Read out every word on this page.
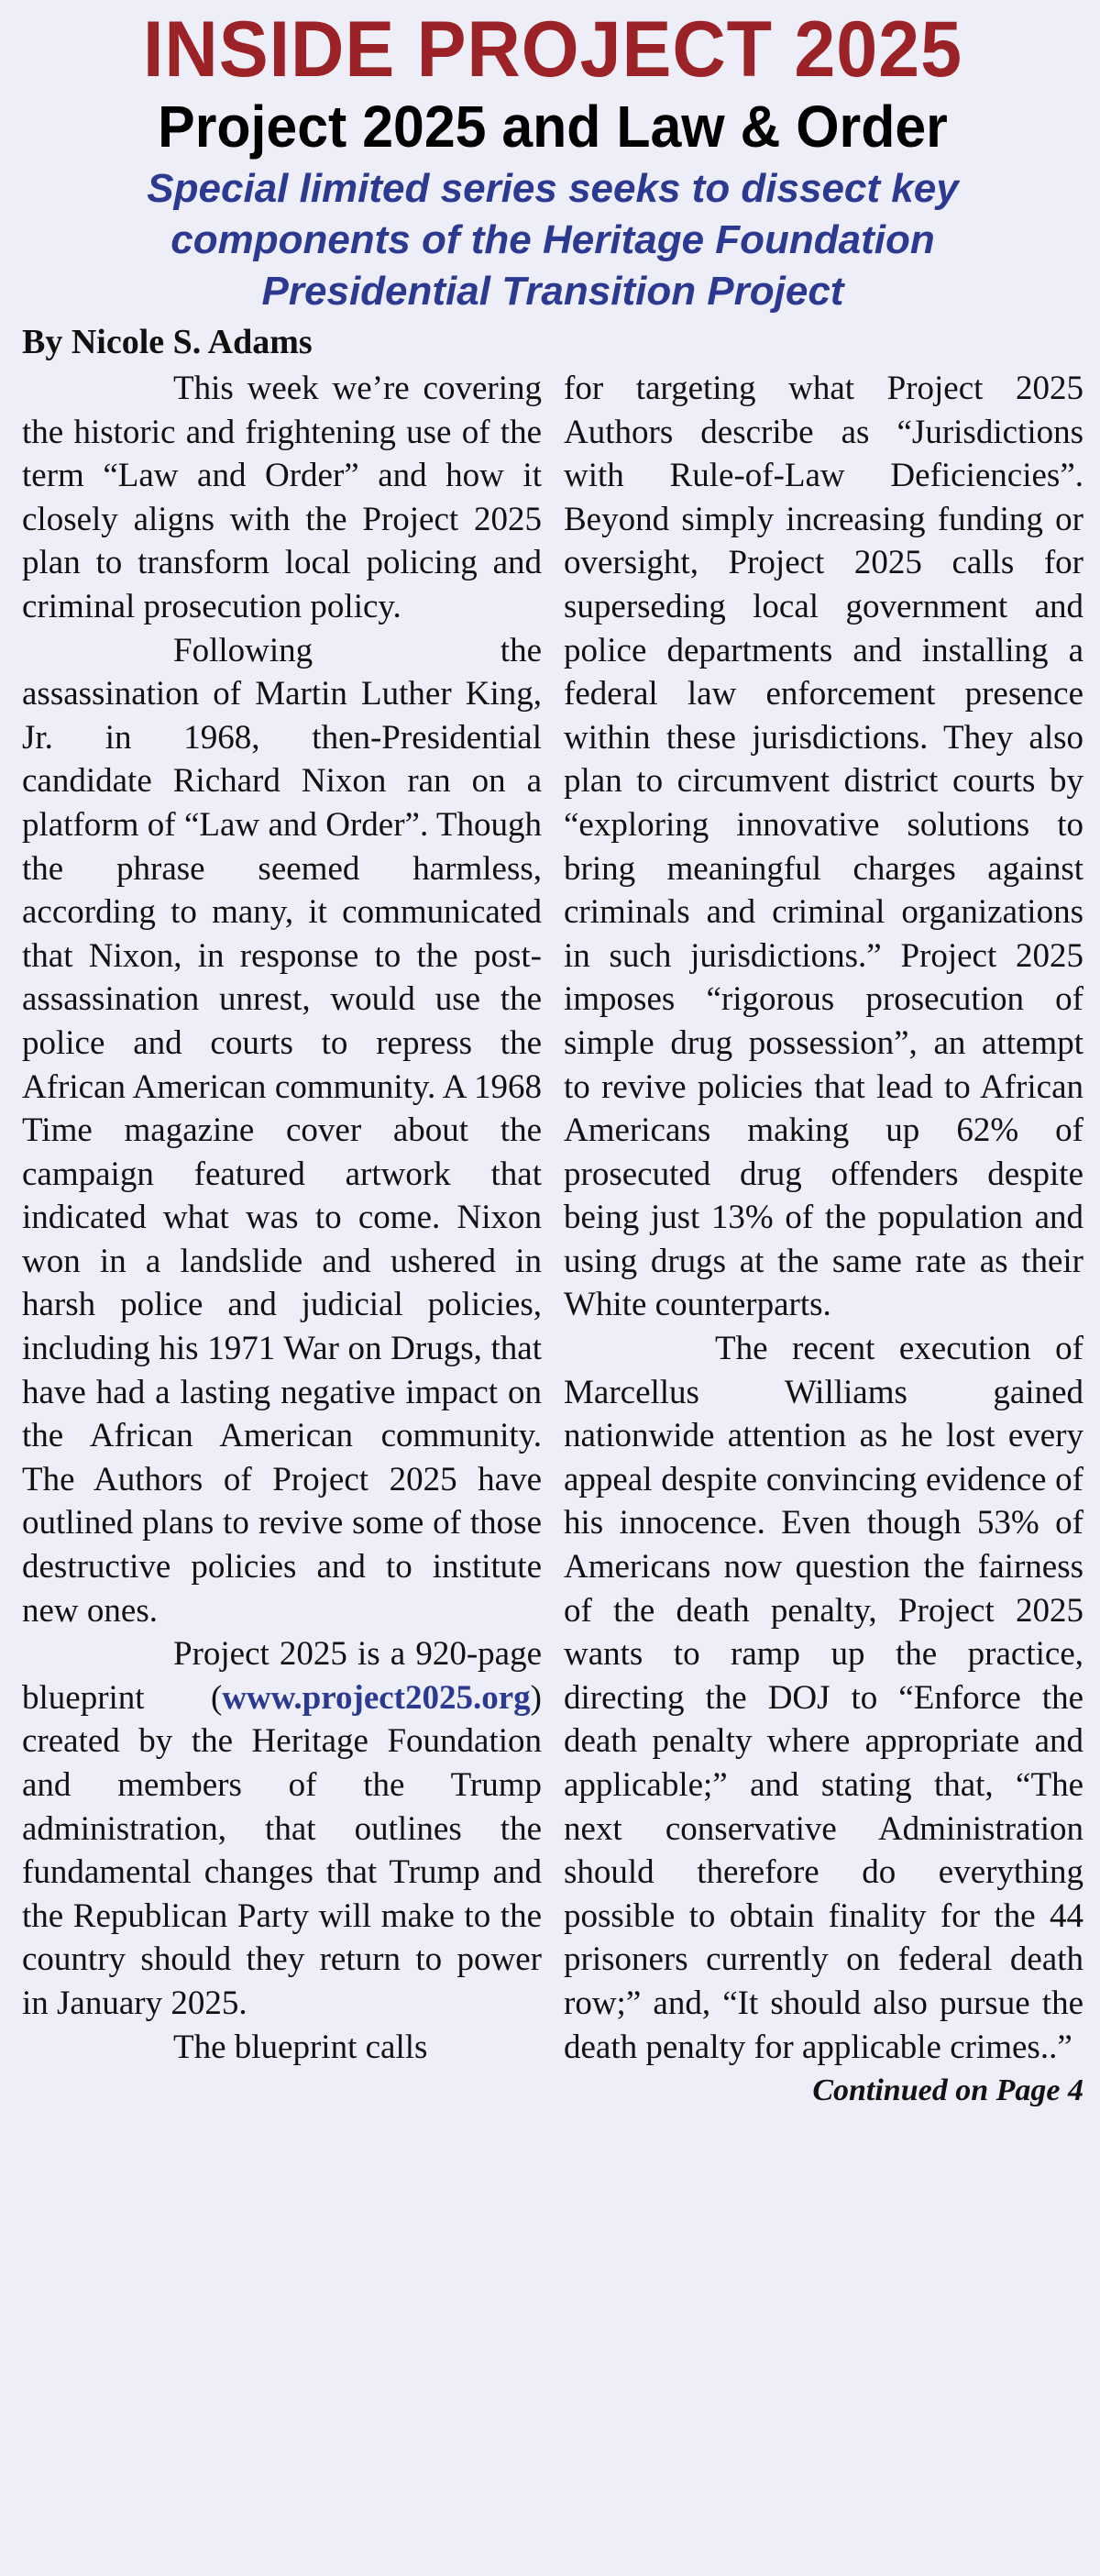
INSIDE PROJECT 2025
Project 2025 and Law & Order
Special limited series seeks to dissect key components of the Heritage Foundation Presidential Transition Project
By Nicole S. Adams

This week we’re covering the historic and frightening use of the term “Law and Order” and how it closely aligns with the Project 2025 plan to transform local policing and criminal prosecution policy.

Following the assassination of Martin Luther King, Jr. in 1968, then-Presidential candidate Richard Nixon ran on a platform of “Law and Order”. Though the phrase seemed harmless, according to many, it communicated that Nixon, in response to the post-assassination unrest, would use the police and courts to repress the African American community. A 1968 Time magazine cover about the campaign featured artwork that indicated what was to come. Nixon won in a landslide and ushered in harsh police and judicial policies, including his 1971 War on Drugs, that have had a lasting negative impact on the African American community. The Authors of Project 2025 have outlined plans to revive some of those destructive policies and to institute new ones.

Project 2025 is a 920-page blueprint (www.project2025.org) created by the Heritage Foundation and members of the Trump administration, that outlines the fundamental changes that Trump and the Republican Party will make to the country should they return to power in January 2025.

The blueprint calls

for targeting what Project 2025 Authors describe as “Jurisdictions with Rule-of-Law Deficiencies”. Beyond simply increasing funding or oversight, Project 2025 calls for superseding local government and police departments and installing a federal law enforcement presence within these jurisdictions. They also plan to circumvent district courts by “exploring innovative solutions to bring meaningful charges against criminals and criminal organizations in such jurisdictions.” Project 2025 imposes “rigorous prosecution of simple drug possession”, an attempt to revive policies that lead to African Americans making up 62% of prosecuted drug offenders despite being just 13% of the population and using drugs at the same rate as their White counterparts.

The recent execution of Marcellus Williams gained nationwide attention as he lost every appeal despite convincing evidence of his innocence. Even though 53% of Americans now question the fairness of the death penalty, Project 2025 wants to ramp up the practice, directing the DOJ to “Enforce the death penalty where appropriate and applicable;” and stating that, “The next conservative Administration should therefore do everything possible to obtain finality for the 44 prisoners currently on federal death row;” and, “It should also pursue the death penalty for applicable crimes..”

Continued on Page 4
